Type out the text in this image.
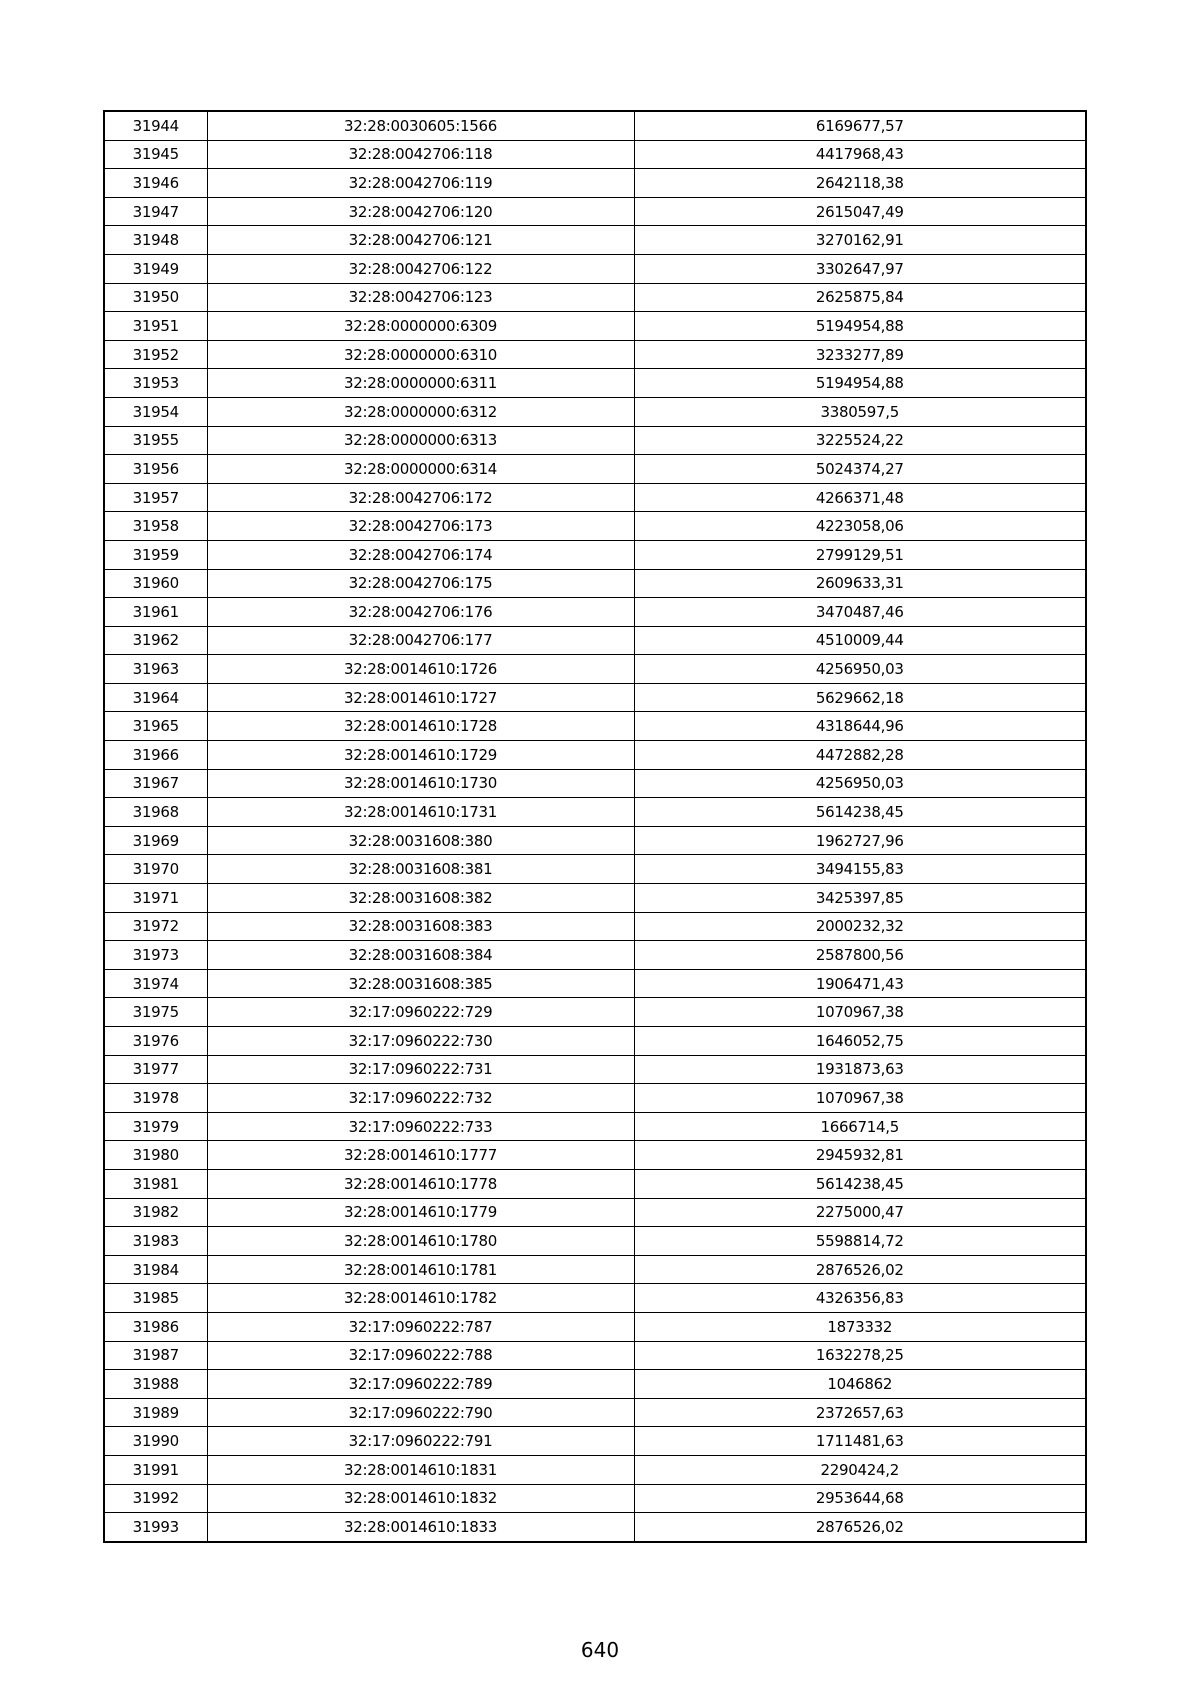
31944	32:28:0030605:1566	6169677,57
31945	32:28:0042706:118	4417968,43
31946	32:28:0042706:119	2642118,38
31947	32:28:0042706:120	2615047,49
31948	32:28:0042706:121	3270162,91
31949	32:28:0042706:122	3302647,97
31950	32:28:0042706:123	2625875,84
31951	32:28:0000000:6309	5194954,88
31952	32:28:0000000:6310	3233277,89
31953	32:28:0000000:6311	5194954,88
31954	32:28:0000000:6312	3380597,5
31955	32:28:0000000:6313	3225524,22
31956	32:28:0000000:6314	5024374,27
31957	32:28:0042706:172	4266371,48
31958	32:28:0042706:173	4223058,06
31959	32:28:0042706:174	2799129,51
31960	32:28:0042706:175	2609633,31
31961	32:28:0042706:176	3470487,46
31962	32:28:0042706:177	4510009,44
31963	32:28:0014610:1726	4256950,03
31964	32:28:0014610:1727	5629662,18
31965	32:28:0014610:1728	4318644,96
31966	32:28:0014610:1729	4472882,28
31967	32:28:0014610:1730	4256950,03
31968	32:28:0014610:1731	5614238,45
31969	32:28:0031608:380	1962727,96
31970	32:28:0031608:381	3494155,83
31971	32:28:0031608:382	3425397,85
31972	32:28:0031608:383	2000232,32
31973	32:28:0031608:384	2587800,56
31974	32:28:0031608:385	1906471,43
31975	32:17:0960222:729	1070967,38
31976	32:17:0960222:730	1646052,75
31977	32:17:0960222:731	1931873,63
31978	32:17:0960222:732	1070967,38
31979	32:17:0960222:733	1666714,5
31980	32:28:0014610:1777	2945932,81
31981	32:28:0014610:1778	5614238,45
31982	32:28:0014610:1779	2275000,47
31983	32:28:0014610:1780	5598814,72
31984	32:28:0014610:1781	2876526,02
31985	32:28:0014610:1782	4326356,83
31986	32:17:0960222:787	1873332
31987	32:17:0960222:788	1632278,25
31988	32:17:0960222:789	1046862
31989	32:17:0960222:790	2372657,63
31990	32:17:0960222:791	1711481,63
31991	32:28:0014610:1831	2290424,2
31992	32:28:0014610:1832	2953644,68
31993	32:28:0014610:1833	2876526,02
640
